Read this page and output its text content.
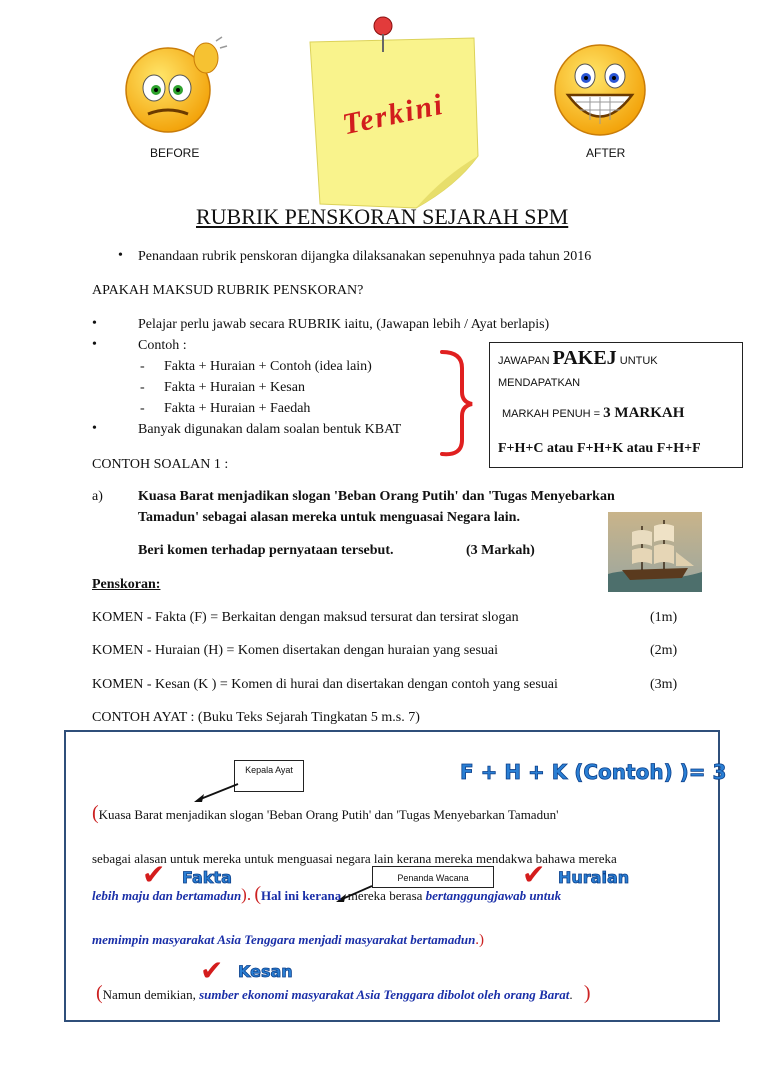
BEFORE	AFTER
Terkini
RUBRIK PENSKORAN SEJARAH SPM
• Penandaan rubrik penskoran dijangka dilaksanakan sepenuhnya pada tahun 2016
APAKAH MAKSUD RUBRIK PENSKORAN?
•	Pelajar perlu jawab secara RUBRIK iaitu, (Jawapan lebih / Ayat berlapis)
•	Contoh :
- Fakta + Huraian + Contoh (idea lain)
- Fakta + Huraian + Kesan
- Fakta + Huraian + Faedah
•	Banyak digunakan dalam soalan bentuk KBAT
JAWAPAN PAKEJ UNTUK
MENDAPATKAN
MARKAH PENUH = 3 MARKAH
F+H+C atau F+H+K atau F+H+F
CONTOH SOALAN 1 :
a)	Kuasa Barat menjadikan slogan 'Beban Orang Putih' dan 'Tugas Menyebarkan
Tamadun' sebagai alasan mereka untuk menguasai Negara lain.
Beri komen terhadap pernyataan tersebut.	(3 Markah)
Penskoran:
KOMEN - Fakta (F) = Berkaitan dengan maksud tersurat dan tersirat slogan	(1m)
KOMEN - Huraian (H) = Komen disertakan dengan huraian yang sesuai	(2m)
KOMEN - Kesan (K ) = Komen di hurai dan disertakan dengan contoh yang sesuai	(3m)
CONTOH AYAT : (Buku Teks Sejarah Tingkatan 5 m.s. 7)
Kepala Ayat	F + H + K (Contoh) )= 3
(Kuasa Barat menjadikan slogan 'Beban Orang Putih' dan 'Tugas Menyebarkan Tamadun'
sebagai alasan untuk mereka untuk menguasai negara lain kerana mereka mendakwa bahawa mereka
✔ Fakta	Penanda Wacana	✔ Huraian
lebih maju dan bertamadun). (Hal ini kerana, mereka berasa bertanggungjawab untuk
memimpin masyarakat Asia Tenggara menjadi masyarakat bertamadun.)
✔ Kesan
(Namun demikian, sumber ekonomi masyarakat Asia Tenggara dibolot oleh orang Barat. )
